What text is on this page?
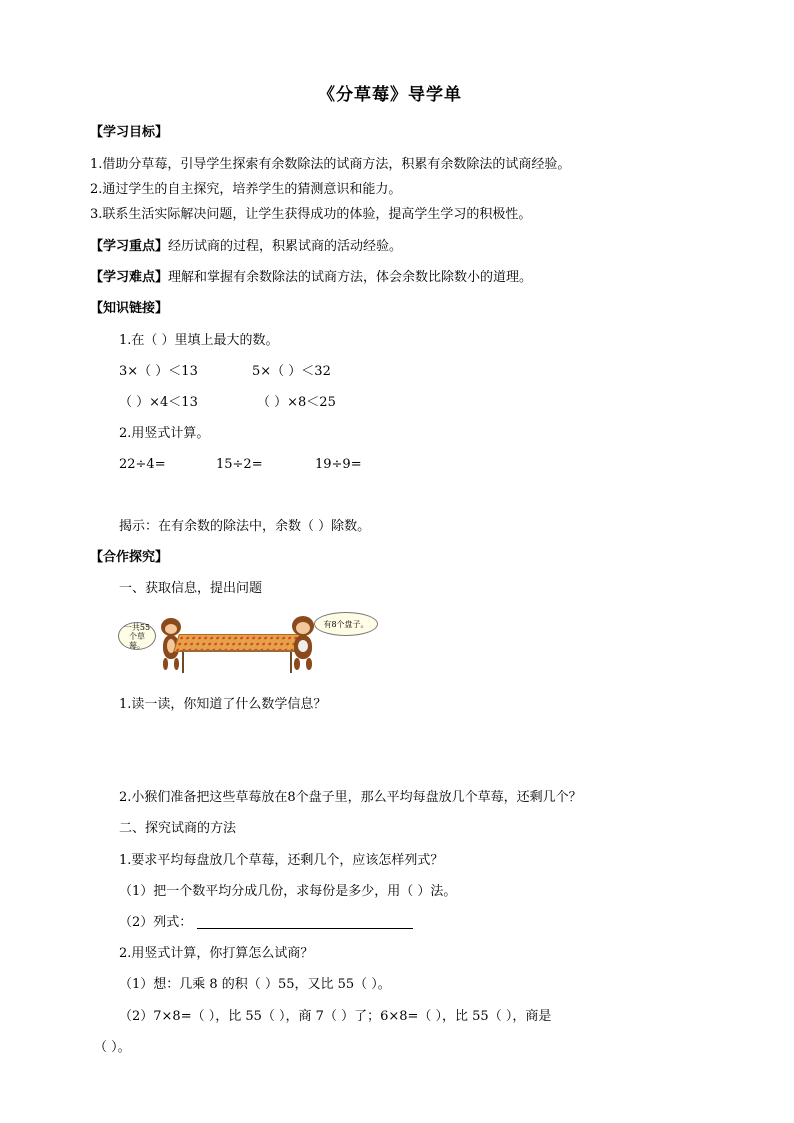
《分草莓》导学单
【学习目标】
1.借助分草莓，引导学生探索有余数除法的试商方法，积累有余数除法的试商经验。
2.通过学生的自主探究，培养学生的猜测意识和能力。
3.联系生活实际解决问题，让学生获得成功的体验，提高学生学习的积极性。
【学习重点】经历试商的过程，积累试商的活动经验。
【学习难点】理解和掌握有余数除法的试商方法，体会余数比除数小的道理。
【知识链接】
1.在（ ）里填上最大的数。
3×（ ）＜13	5×（ ）＜32
（ ）×4＜13	（ ）×8＜25
2.用竖式计算。
22÷4=	15÷2=	19÷9=
揭示：在有余数的除法中，余数（ ）除数。
【合作探究】
一、获取信息，提出问题
一共55个草莓。
有8个盘子。
1.读一读，你知道了什么数学信息？
2.小猴们准备把这些草莓放在8个盘子里，那么平均每盘放几个草莓，还剩几个？
二、探究试商的方法
1.要求平均每盘放几个草莓，还剩几个，应该怎样列式？
（1）把一个数平均分成几份，求每份是多少，用（ ）法。
（2）列式：
2.用竖式计算，你打算怎么试商？
（1）想：几乘 8 的积（ ）55，又比 55（ ）。
（2）7×8=（ ），比 55（ ），商 7（ ）了；6×8=（ ），比 55（ ），商是
（ ）。
